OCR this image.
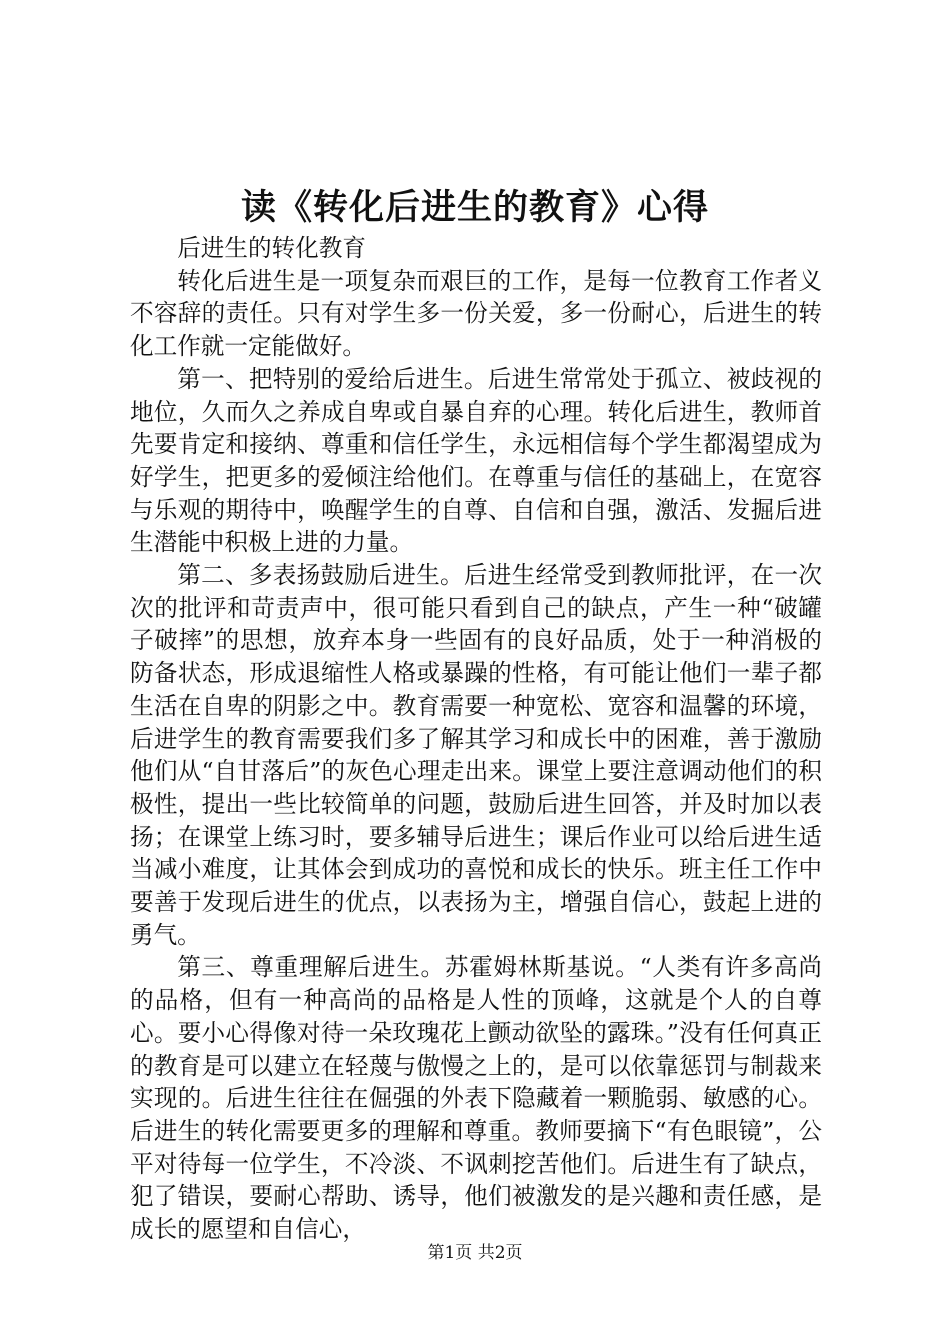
读《转化后进生的教育》心得

后进生的转化教育

转化后进生是一项复杂而艰巨的工作，是每一位教育工作者义不容辞的责任。只有对学生多一份关爱，多一份耐心，后进生的转化工作就一定能做好。

第一、把特别的爱给后进生。后进生常常处于孤立、被歧视的地位，久而久之养成自卑或自暴自弃的心理。转化后进生，教师首先要肯定和接纳、尊重和信任学生，永远相信每个学生都渴望成为好学生，把更多的爱倾注给他们。在尊重与信任的基础上，在宽容与乐观的期待中，唤醒学生的自尊、自信和自强，激活、发掘后进生潜能中积极上进的力量。

第二、多表扬鼓励后进生。后进生经常受到教师批评，在一次次的批评和苛责声中，很可能只看到自己的缺点，产生一种“破罐子破摔”的思想，放弃本身一些固有的良好品质，处于一种消极的防备状态，形成退缩性人格或暴躁的性格，有可能让他们一辈子都生活在自卑的阴影之中。教育需要一种宽松、宽容和温馨的环境，后进学生的教育需要我们多了解其学习和成长中的困难，善于激励他们从“自甘落后”的灰色心理走出来。课堂上要注意调动他们的积极性，提出一些比较简单的问题，鼓励后进生回答，并及时加以表扬；在课堂上练习时，要多辅导后进生；课后作业可以给后进生适当减小难度，让其体会到成功的喜悦和成长的快乐。班主任工作中要善于发现后进生的优点，以表扬为主，增强自信心，鼓起上进的勇气。

第三、尊重理解后进生。苏霍姆林斯基说。“人类有许多高尚的品格，但有一种高尚的品格是人性的顶峰，这就是个人的自尊心。要小心得像对待一朵玫瑰花上颤动欲坠的露珠。”没有任何真正的教育是可以建立在轻蔑与傲慢之上的，是可以依靠惩罚与制裁来实现的。后进生往往在倔强的外表下隐藏着一颗脆弱、敏感的心。后进生的转化需要更多的理解和尊重。教师要摘下“有色眼镜”，公平对待每一位学生，不冷淡、不讽刺挖苦他们。后进生有了缺点，犯了错误，要耐心帮助、诱导，他们被激发的是兴趣和责任感，是成长的愿望和自信心，

第1页 共2页
